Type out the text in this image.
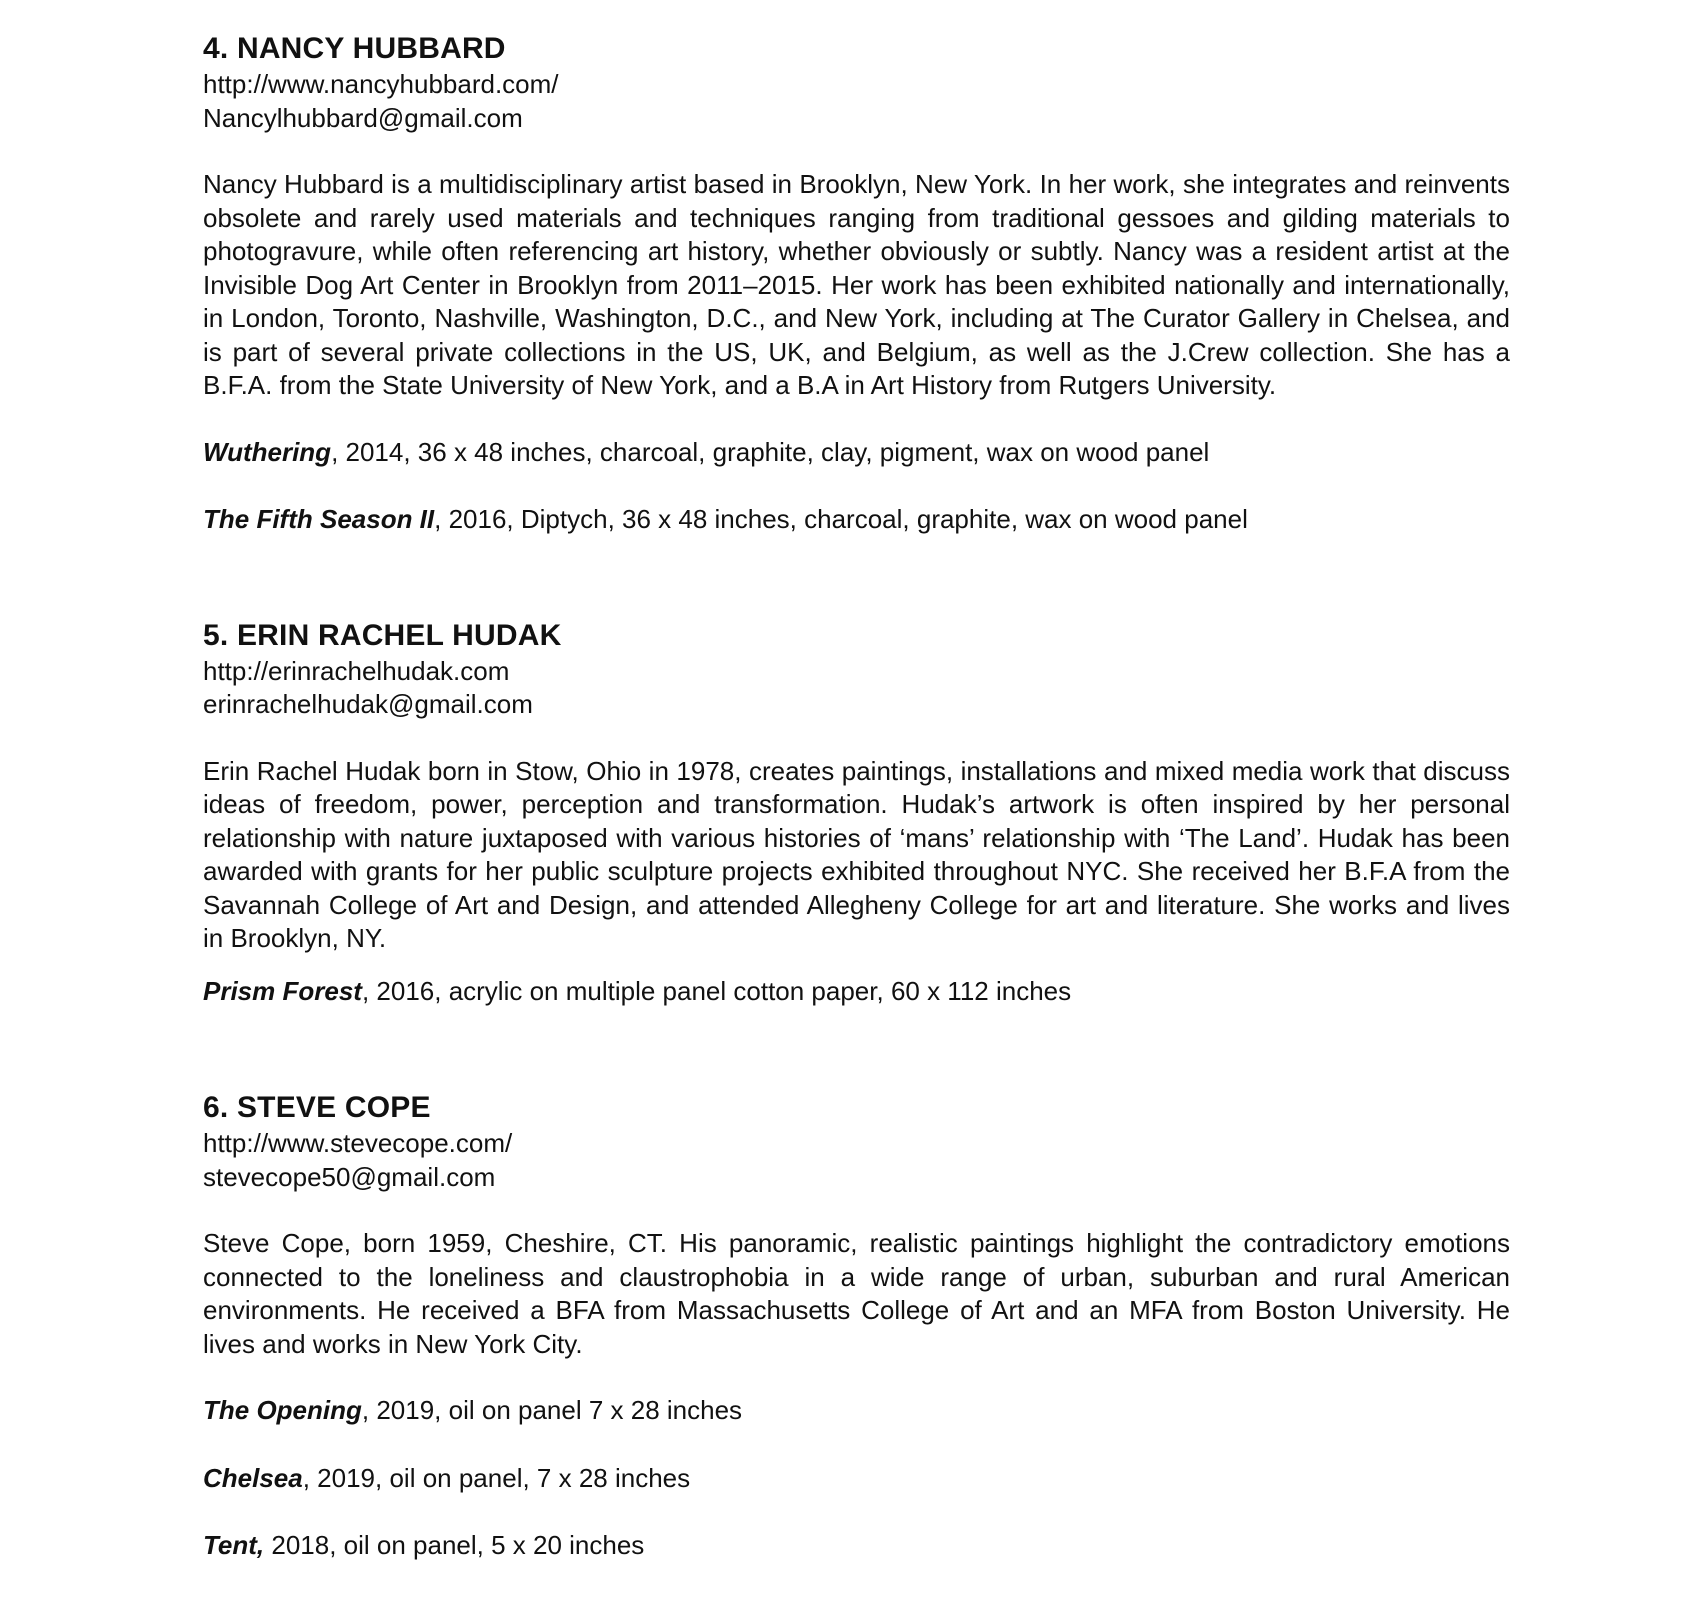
4. NANCY HUBBARD

http://www.nancyhubbard.com/

Nancylhubbard@gmail.com

Nancy Hubbard is a multidisciplinary artist based in Brooklyn, New York. In her work, she integrates and reinvents obsolete and rarely used materials and techniques ranging from traditional gessoes and gilding materials to photogravure, while often referencing art history, whether obviously or subtly. Nancy was a resident artist at the Invisible Dog Art Center in Brooklyn from 2011–2015. Her work has been exhibited nationally and internationally, in London, Toronto, Nashville, Washington, D.C., and New York, including at The Curator Gallery in Chelsea, and is part of several private collections in the US, UK, and Belgium, as well as the J.Crew collection. She has a B.F.A. from the State University of New York, and a B.A in Art History from Rutgers University.

Wuthering, 2014, 36 x 48 inches, charcoal, graphite, clay, pigment, wax on wood panel

The Fifth Season II, 2016, Diptych, 36 x 48 inches, charcoal, graphite, wax on wood panel

5. ERIN RACHEL HUDAK

http://erinrachelhudak.com

erinrachelhudak@gmail.com

Erin Rachel Hudak born in Stow, Ohio in 1978, creates paintings, installations and mixed media work that discuss ideas of freedom, power, perception and transformation. Hudak’s artwork is often inspired by her personal relationship with nature juxtaposed with various histories of ‘mans’ relationship with ‘The Land’. Hudak has been awarded with grants for her public sculpture projects exhibited throughout NYC. She received her B.F.A from the Savannah College of Art and Design, and attended Allegheny College for art and literature. She works and lives in Brooklyn, NY.

Prism Forest, 2016, acrylic on multiple panel cotton paper, 60 x 112 inches

6. STEVE COPE

http://www.stevecope.com/

stevecope50@gmail.com

Steve Cope, born 1959, Cheshire, CT. His panoramic, realistic paintings highlight the contradictory emotions connected to the loneliness and claustrophobia in a wide range of urban, suburban and rural American environments. He received a BFA from Massachusetts College of Art and an MFA from Boston University. He lives and works in New York City.

The Opening, 2019, oil on panel 7 x 28 inches

Chelsea, 2019, oil on panel, 7 x 28 inches

Tent, 2018, oil on panel, 5 x 20 inches
